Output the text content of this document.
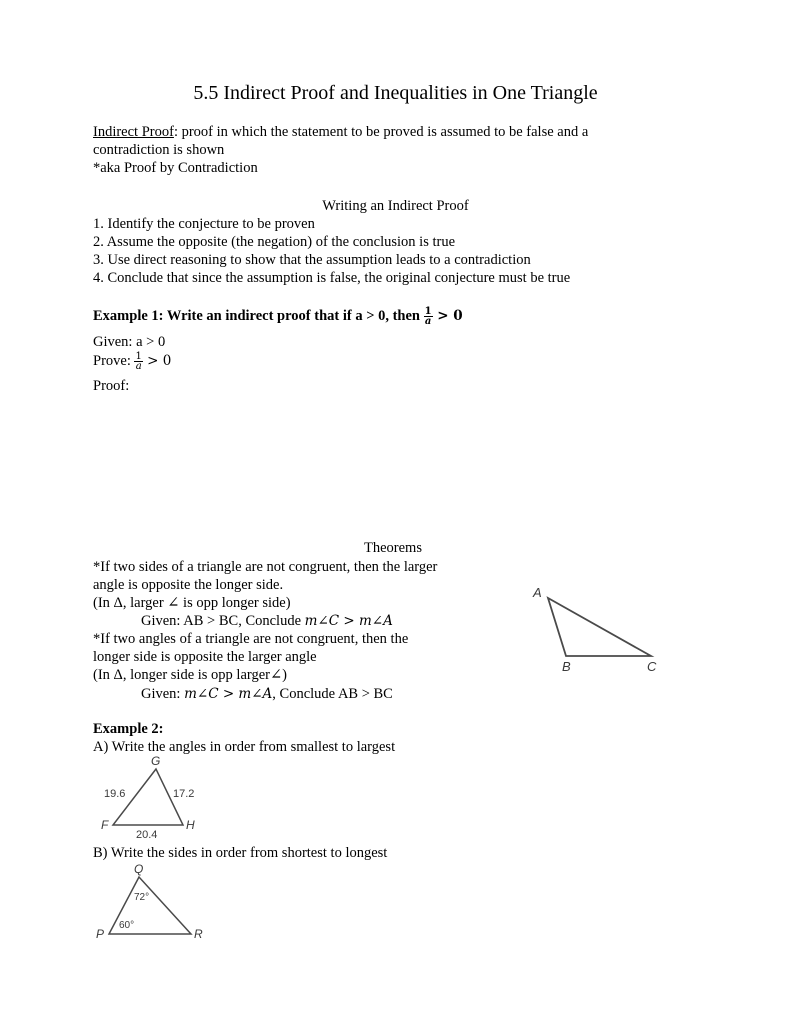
5.5 Indirect Proof and Inequalities in One Triangle
Indirect Proof: proof in which the statement to be proved is assumed to be false and a
contradiction is shown
*aka Proof by Contradiction
Writing an Indirect Proof
1. Identify the conjecture to be proven
2. Assume the opposite (the negation) of the conclusion is true
3. Use direct reasoning to show that the assumption leads to a contradiction
4. Conclude that since the assumption is false, the original conjecture must be true
Example 1: Write an indirect proof that if a > 0, then $\frac{1}{a} > 0$
Given: a > 0
Prove: $\frac{1}{a} > 0$
Proof:
Theorems
*If two sides of a triangle are not congruent, then the larger
angle is opposite the longer side.
(In Δ, larger ∠ is opp longer side)
Given: AB > BC, Conclude m∠C > m∠A
*If two angles of a triangle are not congruent, then the
longer side is opposite the larger angle
(In Δ, longer side is opp larger∠)
Given: m∠C > m∠A, Conclude AB > BC
A
B	C
Example 2:
A) Write the angles in order from smallest to largest
G
F	H
19.6	17.2
20.4
B) Write the sides in order from shortest to longest
Q
P	R
72°
60°
